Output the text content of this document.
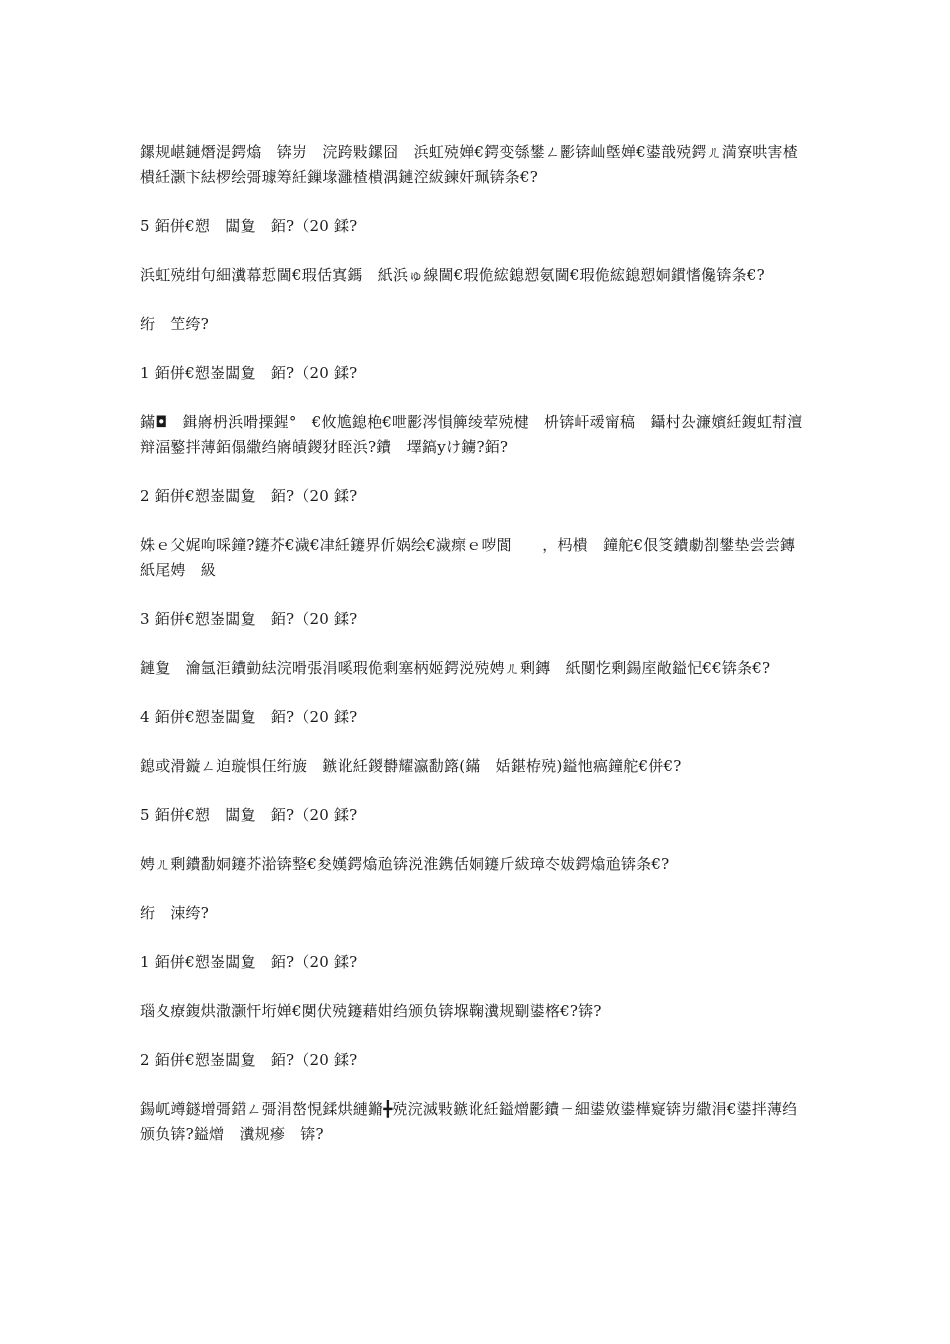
鏍规嵁鏈熸湜鍔熻　锛岃　浣跨敤鏍囧　浜虹殑婵€鍔变綔鐢ㄥ彲锛屾墍婵€鍙戠殑鍔ㄦ満寮哄害楂樻紝灏卞紶椤绘彁璩筹紝鏁堟灉楂樻湡鏈涳紱鍊奸珮锛条€?

5 銆併€愬　闆夐　銆?（20 鍒?

浜虹殑绀句細瀵幕悊閫€瑕佸寘鎷　紙浜ゅ線閫€瑕佹綋鎴愬氨閫€瑕佹綋鎴愬姛鏆愭儳锛条€?

绗　笁绔?

1 銆併€愬崟闆夐　銆?（20 鍒?

鏋◘　鍓嶈枬浜嗗搮鍟°　€攸尯鎴栬€呭彲涔愪簲绫荤殑楗　枡锛屽叆甯稿　鑷村厹濂嬪紝鍑虹幇澶辩湢鐜拌薄銆傝繖绉嶈皟鍐犲眰浜?鐨　墿鎬уけ鐪?銆?

2 銆併€愬崟闆夐　銆?（20 鍒?

姝ｅ父娓呴啋鐘?鑳芥€濊€冿紝鑳界伒娲绘€濊瘝ｅ哕閬　　，杩樻　鐘舵€佷笅鐨勮剳鐢垫尝尝鏄　紙尾娉　級

3 銆併€愬崟闆夐　銆?（20 鍒?

鏈夐　瀹氬洰鐨勭紶浣嗗張涓嗘瑕佹剩塞柄姬鍔涚殑娉ㄦ剰鏄　紙闅忔剰鍚庢敞鎰忋€€锛条€?

4 銆併€愬崟闆夐　銆?（20 鍒?

鎴或滑鏇ㄥ迫璇惧仼绗旇　鏃讹紝鍐欎耀瀛勫簬(鏋　姡鍖栫殑)鎰忚瘑鐘舵€併€?

5 銆併€愬　闆夐　銆?（20 鍒?

娉ㄦ剰鐨勫姛鑳芥湁锛整€夋嫨鍔熻兘锛涚淮鎸佸姛鑳斤紱璋冭妭鍔熻兘锛条€?

绗　涑绔?

1 銆併€愬崟闆夐　銆?（20 鍒?

瑙夊療鍑烘潵灏忓垳婵€闃伏殑鑳藉姏绉颁负锛堢鞠瀵规劅鍙楁€?锛?

2 銆併€愬崟闆夐　銆?（20 鍒?

鍚屼竴鐩增彁鍣ㄥ彁涓嶅悓鍒烘縺鏅╋殑浣滅敤鏃讹紝鎰熷彲鐨ㄧ細鍙敓鍙樺寲锛岃繖涓€鍙拌薄绉颁负锛?鎰熷　瀵规瘮　锛?
